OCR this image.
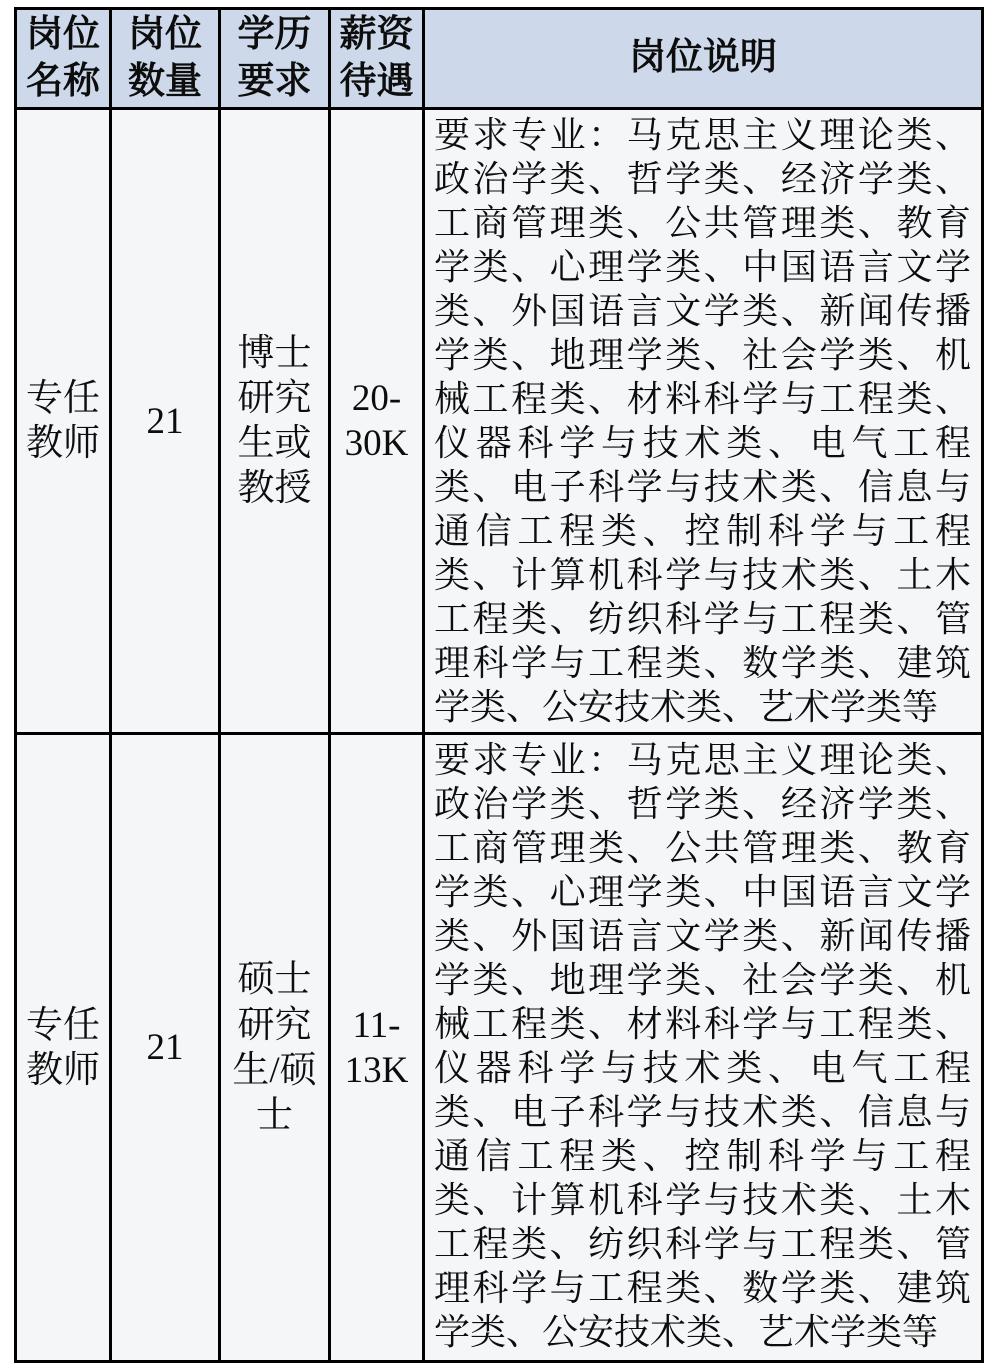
岗位名称	岗位数量	学历要求	薪资待遇	岗位说明
专任教师	21	博士研究生或教授	20-30K	要求专业：马克思主义理论类、政治学类、哲学类、经济学类、工商管理类、公共管理类、教育学类、心理学类、中国语言文学类、外国语言文学类、新闻传播学类、地理学类、社会学类、机械工程类、材料科学与工程类、仪器科学与技术类、电气工程类、电子科学与技术类、信息与通信工程类、控制科学与工程类、计算机科学与技术类、土木工程类、纺织科学与工程类、管理科学与工程类、数学类、建筑学类、公安技术类、艺术学类等
专任教师	21	硕士研究生/硕士	11-13K	要求专业：马克思主义理论类、政治学类、哲学类、经济学类、工商管理类、公共管理类、教育学类、心理学类、中国语言文学类、外国语言文学类、新闻传播学类、地理学类、社会学类、机械工程类、材料科学与工程类、仪器科学与技术类、电气工程类、电子科学与技术类、信息与通信工程类、控制科学与工程类、计算机科学与技术类、土木工程类、纺织科学与工程类、管理科学与工程类、数学类、建筑学类、公安技术类、艺术学类等
